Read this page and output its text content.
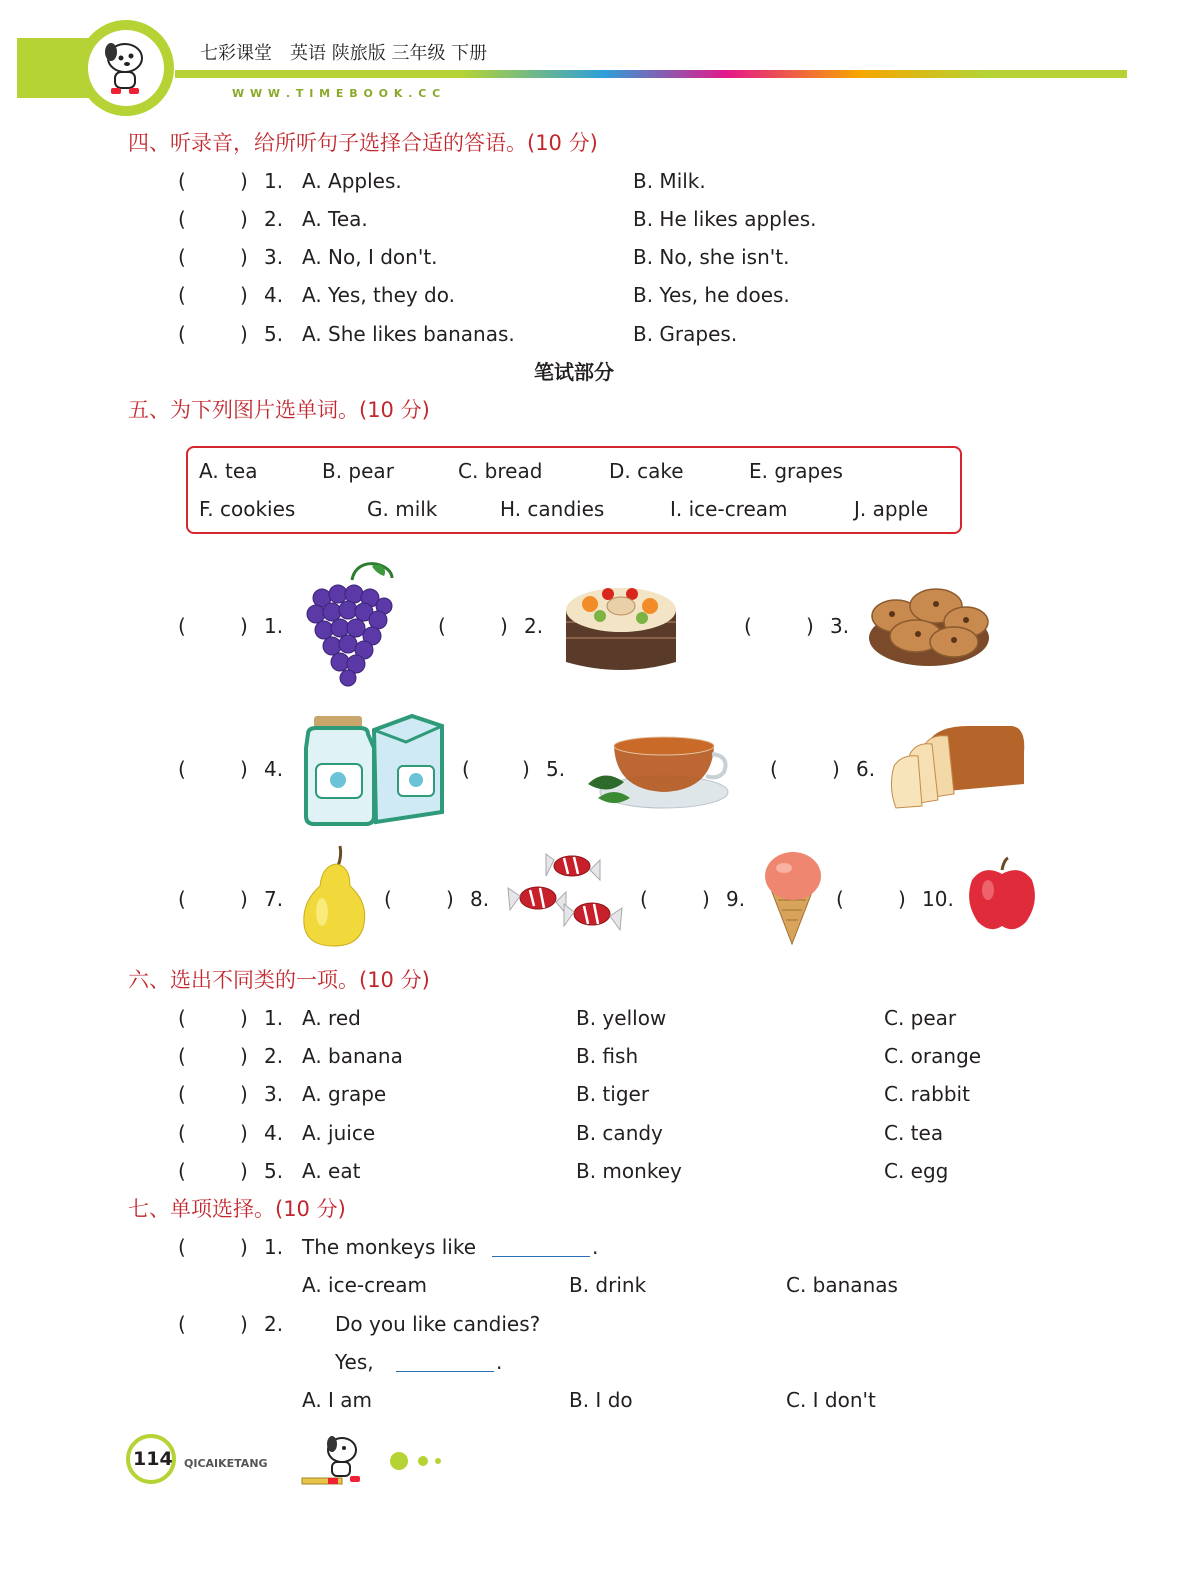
七彩课堂　英语 陕旅版 三年级 下册
W W W . T I M E B O O K . C C
四、听录音，给所听句子选择合适的答语。(10 分)
(	) 1. A. Apples.	B. Milk.
(	) 2. A. Tea.	B. He likes apples.
(	) 3. A. No, I don't.	B. No, she isn't.
(	) 4. A. Yes, they do.	B. Yes, he does.
(	) 5. A. She likes bananas.	B. Grapes.
笔试部分
五、为下列图片选单词。(10 分)
A. tea	B. pear	C. bread	D. cake	E. grapes
F. cookies	G. milk	H. candies	I. ice-cream	J. apple
(	) 1.	(	) 2.	(	) 3.
(	) 4.	(	) 5.	(	) 6.
(	) 7.	(	) 8.	(	) 9.	(	) 10.
六、选出不同类的一项。(10 分)
(	) 1. A. red	B. yellow	C. pear
(	) 2. A. banana	B. fish	C. orange
(	) 3. A. grape	B. tiger	C. rabbit
(	) 4. A. juice	B. candy	C. tea
(	) 5. A. eat	B. monkey	C. egg
七、单项选择。(10 分)
(	) 1. The monkeys like	.
A. ice-cream	B. drink	C. bananas
(	) 2.	Do you like candies?
Yes,	.
A. I am	B. I do	C. I don't
114 QICAIKETANG
